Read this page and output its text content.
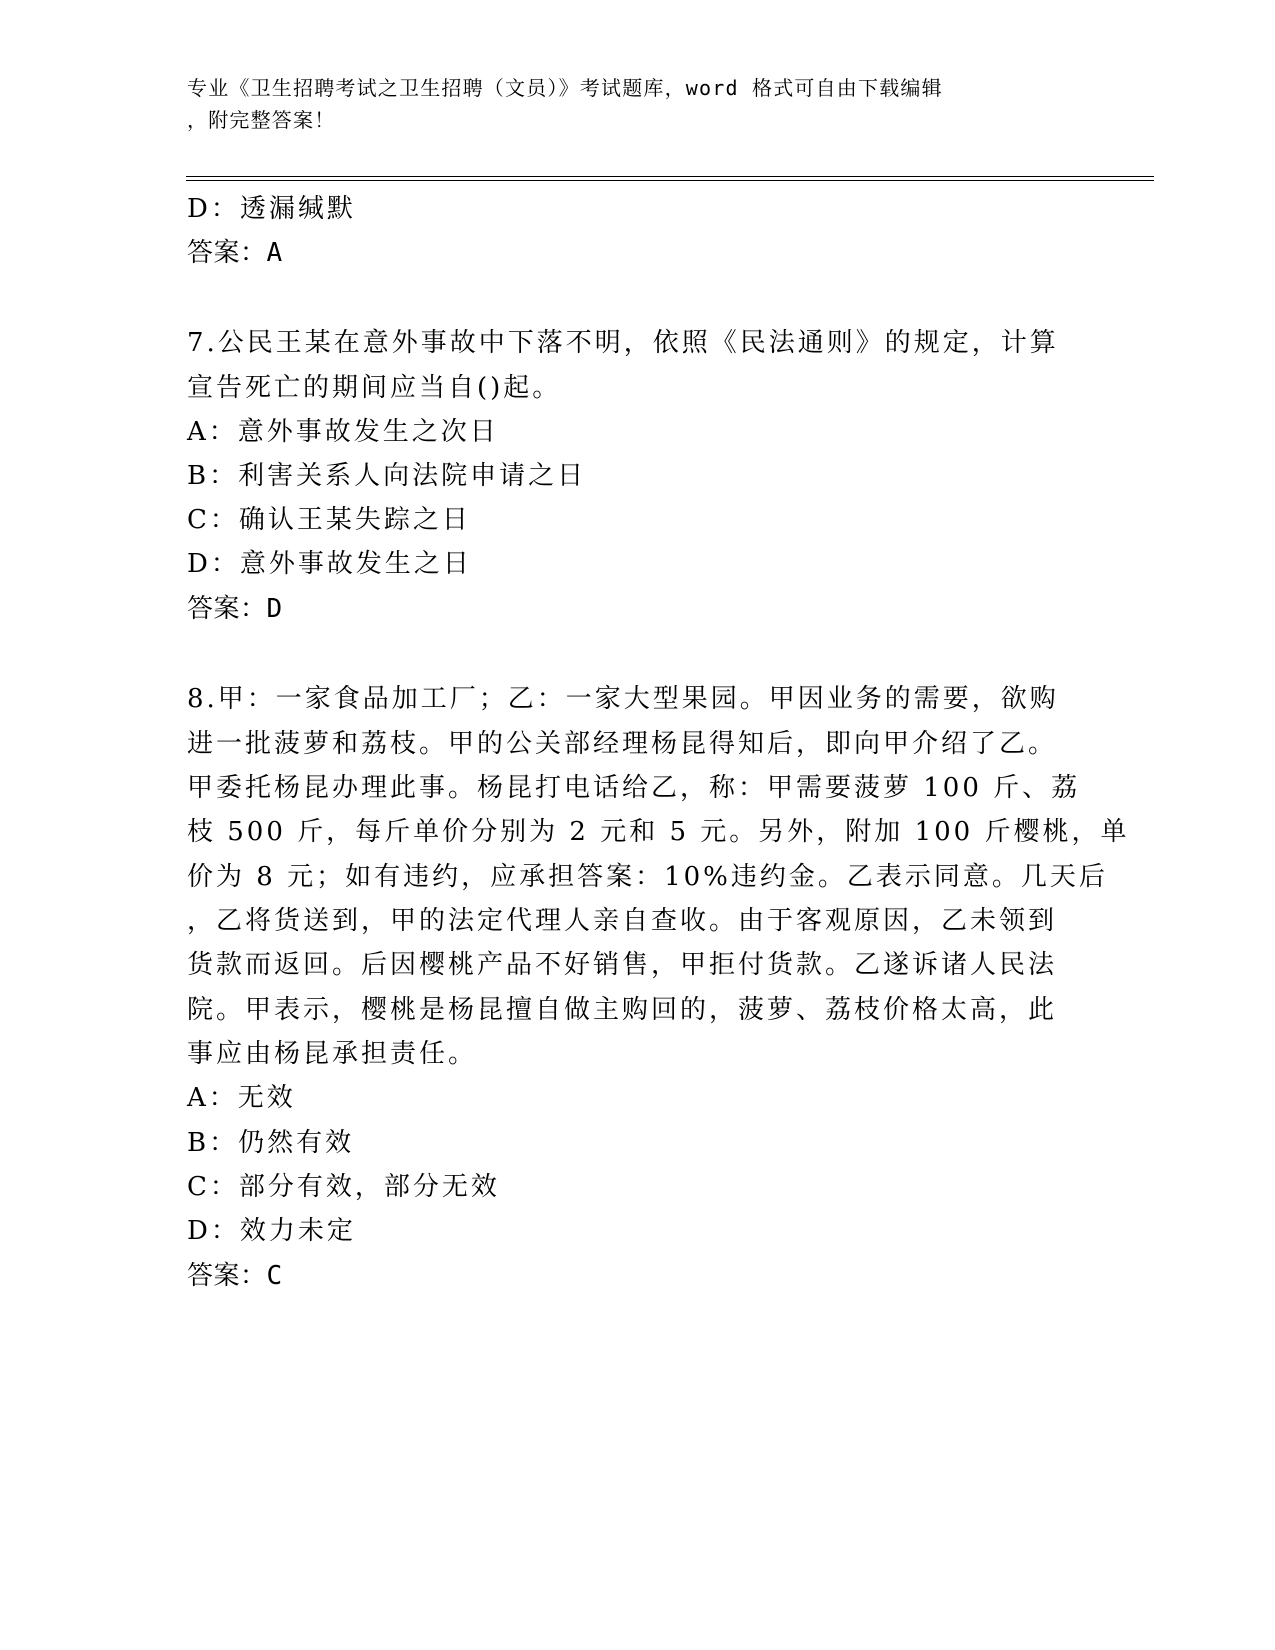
专业《卫生招聘考试之卫生招聘（文员）》考试题库，word 格式可自由下载编辑
，附完整答案！
D：透漏缄默
答案：A
7.公民王某在意外事故中下落不明，依照《民法通则》的规定，计算
宣告死亡的期间应当自()起。
A：意外事故发生之次日
B：利害关系人向法院申请之日
C：确认王某失踪之日
D：意外事故发生之日
答案：D
8.甲：一家食品加工厂；乙：一家大型果园。甲因业务的需要，欲购
进一批菠萝和荔枝。甲的公关部经理杨昆得知后，即向甲介绍了乙。
甲委托杨昆办理此事。杨昆打电话给乙，称：甲需要菠萝 100 斤、荔
枝 500 斤，每斤单价分别为 2 元和 5 元。另外，附加 100 斤樱桃，单
价为 8 元；如有违约，应承担答案：10%违约金。乙表示同意。几天后
，乙将货送到，甲的法定代理人亲自查收。由于客观原因，乙未领到
货款而返回。后因樱桃产品不好销售，甲拒付货款。乙遂诉诸人民法
院。甲表示，樱桃是杨昆擅自做主购回的，菠萝、荔枝价格太高，此
事应由杨昆承担责任。
A：无效
B：仍然有效
C：部分有效，部分无效
D：效力未定
答案：C
